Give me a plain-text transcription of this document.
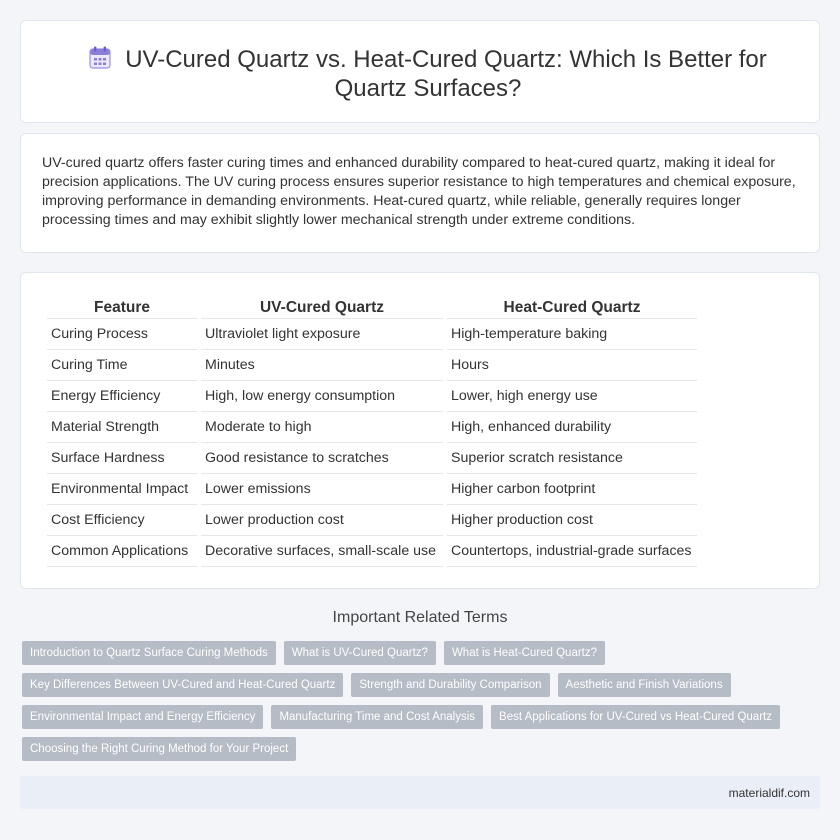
UV-Cured Quartz vs. Heat-Cured Quartz: Which Is Better for Quartz Surfaces?

UV-cured quartz offers faster curing times and enhanced durability compared to heat-cured quartz, making it ideal for precision applications. The UV curing process ensures superior resistance to high temperatures and chemical exposure, improving performance in demanding environments. Heat-cured quartz, while reliable, generally requires longer processing times and may exhibit slightly lower mechanical strength under extreme conditions.

Feature	UV-Cured Quartz	Heat-Cured Quartz
Curing Process	Ultraviolet light exposure	High-temperature baking
Curing Time	Minutes	Hours
Energy Efficiency	High, low energy consumption	Lower, high energy use
Material Strength	Moderate to high	High, enhanced durability
Surface Hardness	Good resistance to scratches	Superior scratch resistance
Environmental Impact	Lower emissions	Higher carbon footprint
Cost Efficiency	Lower production cost	Higher production cost
Common Applications	Decorative surfaces, small-scale use	Countertops, industrial-grade surfaces
Important Related Terms
Introduction to Quartz Surface Curing Methods	What is UV-Cured Quartz?	What is Heat-Cured Quartz?
Key Differences Between UV-Cured and Heat-Cured Quartz	Strength and Durability Comparison	Aesthetic and Finish Variations
Environmental Impact and Energy Efficiency	Manufacturing Time and Cost Analysis	Best Applications for UV-Cured vs Heat-Cured Quartz
Choosing the Right Curing Method for Your Project
materialdif.com
